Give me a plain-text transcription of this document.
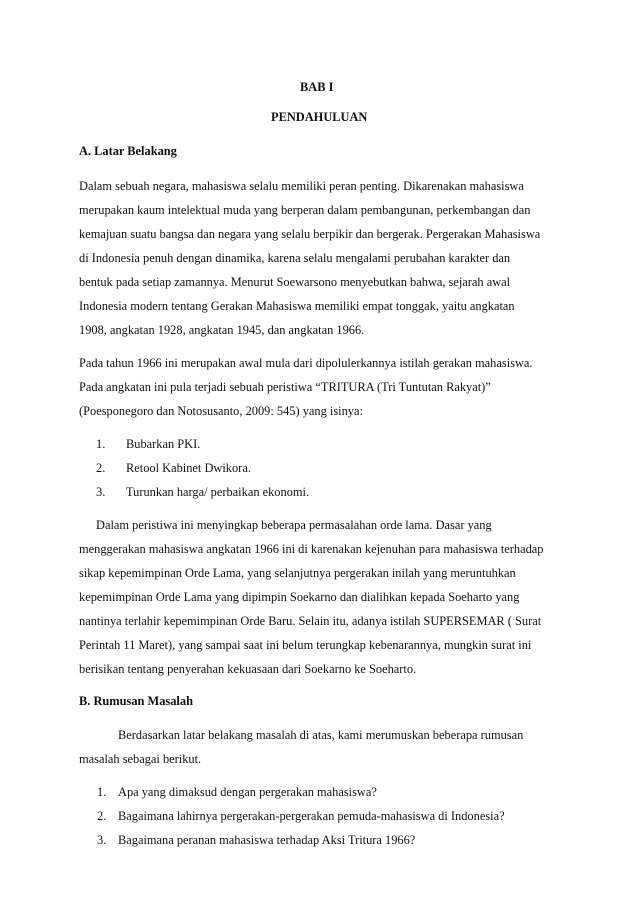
BAB I
PENDAHULUAN
A. Latar Belakang
Dalam sebuah negara, mahasiswa selalu memiliki peran penting. Dikarenakan mahasiswa
merupakan kaum intelektual muda yang berperan dalam pembangunan, perkembangan dan
kemajuan suatu bangsa dan negara yang selalu berpikir dan bergerak. Pergerakan Mahasiswa
di Indonesia penuh dengan dinamika, karena selalu mengalami perubahan karakter dan
bentuk pada setiap zamannya. Menurut Soewarsono menyebutkan bahwa, sejarah awal
Indonesia modern tentang Gerakan Mahasiswa memiliki empat tonggak, yaitu angkatan
1908, angkatan 1928, angkatan 1945, dan angkatan 1966.
Pada tahun 1966 ini merupakan awal mula dari dipolulerkannya istilah gerakan mahasiswa.
Pada angkatan ini pula terjadi sebuah peristiwa “TRITURA (Tri Tuntutan Rakyat)”
(Poesponegoro dan Notosusanto, 2009: 545) yang isinya:
1. Bubarkan PKI.
2. Retool Kabinet Dwikora.
3. Turunkan harga/ perbaikan ekonomi.
Dalam peristiwa ini menyingkap beberapa permasalahan orde lama. Dasar yang
menggerakan mahasiswa angkatan 1966 ini di karenakan kejenuhan para mahasiswa terhadap
sikap kepemimpinan Orde Lama, yang selanjutnya pergerakan inilah yang meruntuhkan
kepemimpinan Orde Lama yang dipimpin Soekarno dan dialihkan kepada Soeharto yang
nantinya terlahir kepemimpinan Orde Baru. Selain itu, adanya istilah SUPERSEMAR ( Surat
Perintah 11 Maret), yang sampai saat ini belum terungkap kebenarannya, mungkin surat ini
berisikan tentang penyerahan kekuasaan dari Soekarno ke Soeharto.
B. Rumusan Masalah
Berdasarkan latar belakang masalah di atas, kami merumuskan beberapa rumusan
masalah sebagai berikut.
1. Apa yang dimaksud dengan pergerakan mahasiswa?
2. Bagaimana lahirnya pergerakan-pergerakan pemuda-mahasiswa di Indonesia?
3. Bagaimana peranan mahasiswa terhadap Aksi Tritura 1966?
